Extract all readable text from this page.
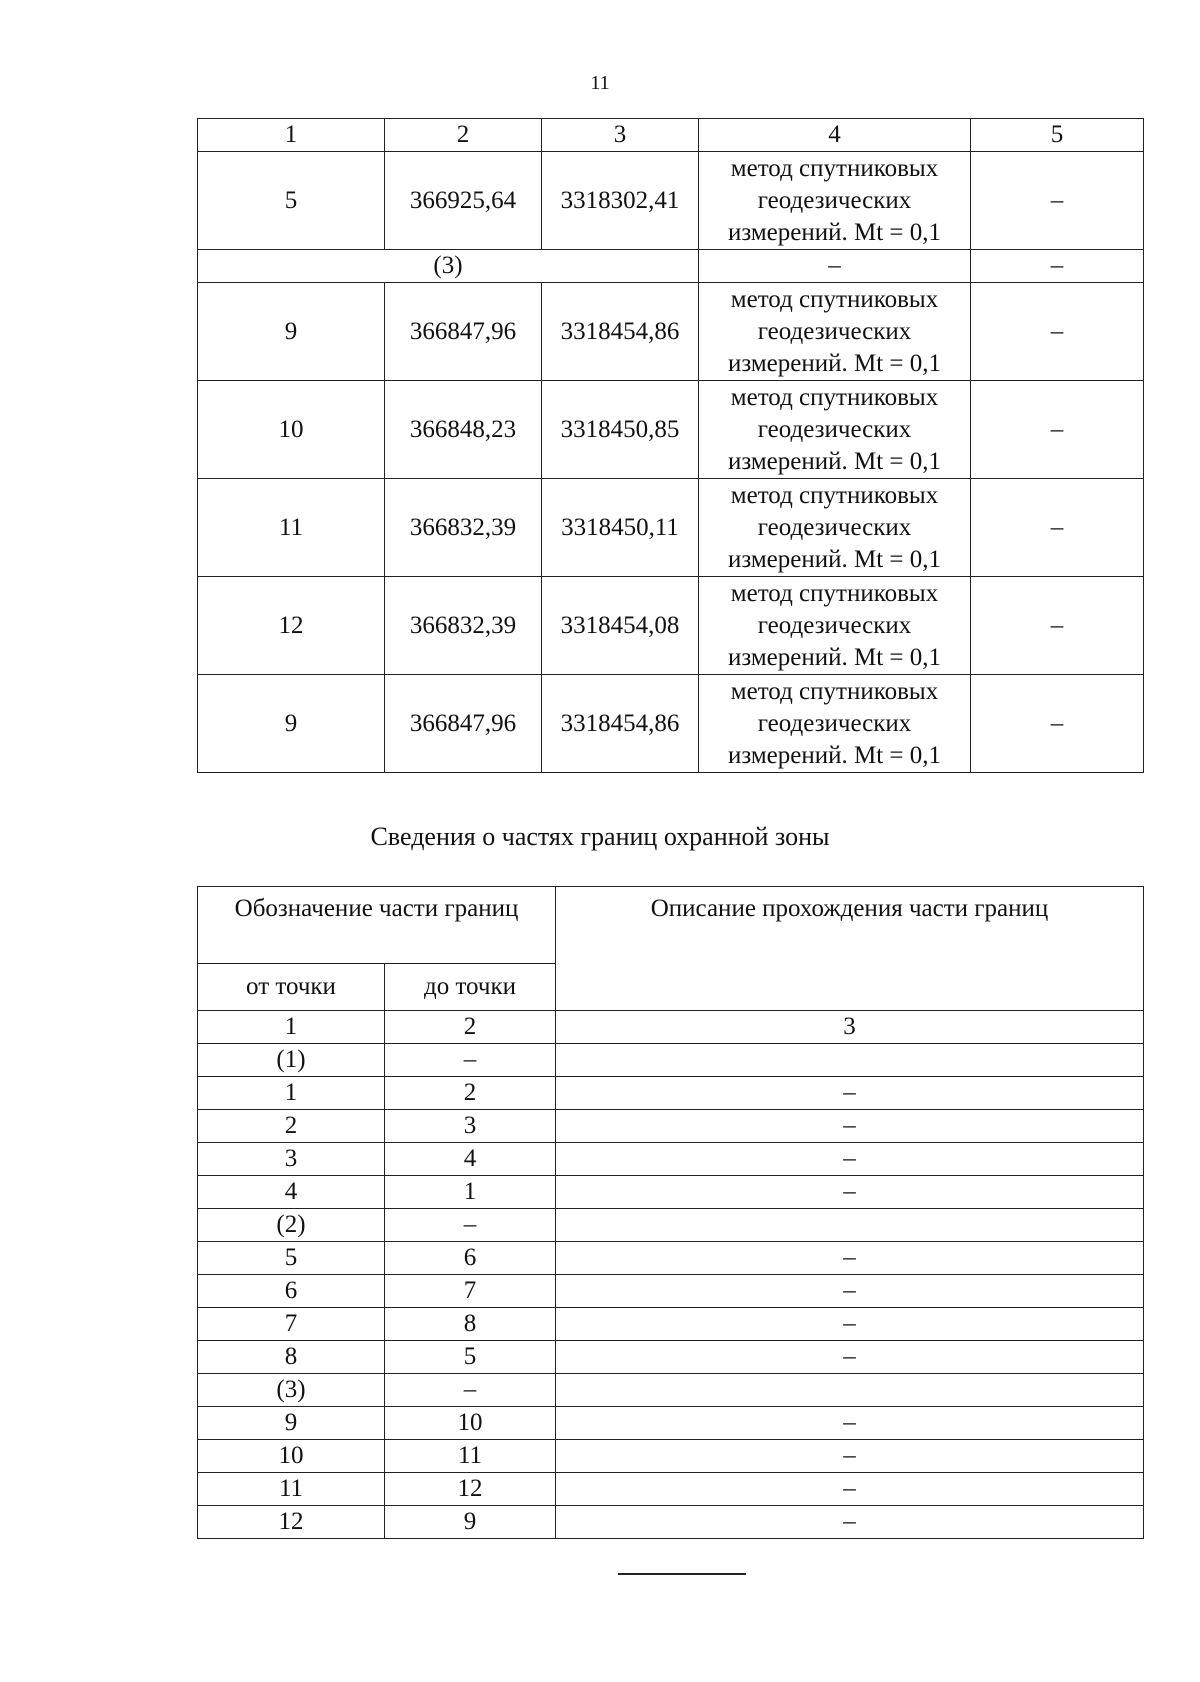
11
1	2	3	4	5
5	366925,64	3318302,41	метод спутниковых
геодезических
измерений. Mt = 0,1	–
(3)			–	–
9	366847,96	3318454,86	метод спутниковых
геодезических
измерений. Mt = 0,1	–
10	366848,23	3318450,85	метод спутниковых
геодезических
измерений. Mt = 0,1	–
11	366832,39	3318450,11	метод спутниковых
геодезических
измерений. Mt = 0,1	–
12	366832,39	3318454,08	метод спутниковых
геодезических
измерений. Mt = 0,1	–
9	366847,96	3318454,86	метод спутниковых
геодезических
измерений. Mt = 0,1	–
Сведения о частях границ охранной зоны
Обозначение части границ		Описание прохождения части границ
от точки	до точки	
1	2	3
(1)	–	
1	2	–
2	3	–
3	4	–
4	1	–
(2)	–	
5	6	–
6	7	–
7	8	–
8	5	–
(3)	–	
9	10	–
10	11	–
11	12	–
12	9	–
